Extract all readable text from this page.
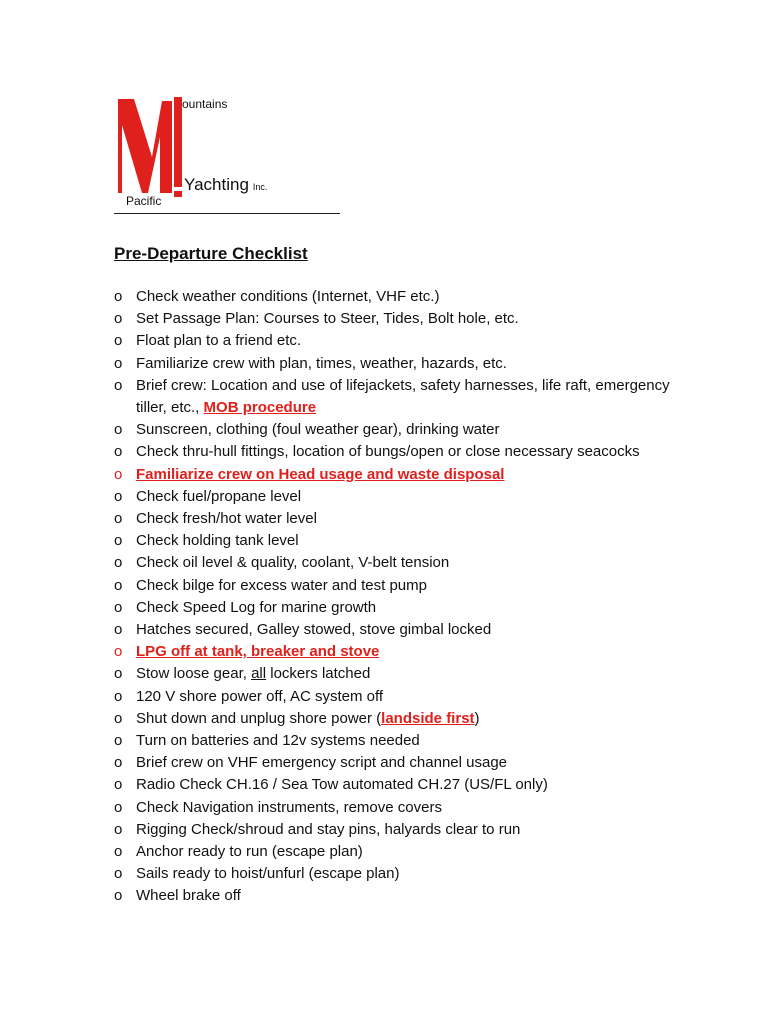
ountains
Pacific
Yachting Inc.
Pre-Departure Checklist
o Check weather conditions (Internet, VHF etc.)
o Set Passage Plan: Courses to Steer, Tides, Bolt hole, etc.
o Float plan to a friend etc.
o Familiarize crew with plan, times, weather, hazards, etc.
o Brief crew: Location and use of lifejackets, safety harnesses, life raft, emergency tiller, etc., MOB procedure
o Sunscreen, clothing (foul weather gear), drinking water
o Check thru-hull fittings, location of bungs/open or close necessary seacocks
o Familiarize crew on Head usage and waste disposal
o Check fuel/propane level
o Check fresh/hot water level
o Check holding tank level
o Check oil level & quality, coolant, V-belt tension
o Check bilge for excess water and test pump
o Check Speed Log for marine growth
o Hatches secured, Galley stowed, stove gimbal locked
o LPG off at tank, breaker and stove
o Stow loose gear, all lockers latched
o 120 V shore power off, AC system off
o Shut down and unplug shore power (landside first)
o Turn on batteries and 12v systems needed
o Brief crew on VHF emergency script and channel usage
o Radio Check CH.16 / Sea Tow automated CH.27 (US/FL only)
o Check Navigation instruments, remove covers
o Rigging Check/shroud and stay pins, halyards clear to run
o Anchor ready to run (escape plan)
o Sails ready to hoist/unfurl (escape plan)
o Wheel brake off
